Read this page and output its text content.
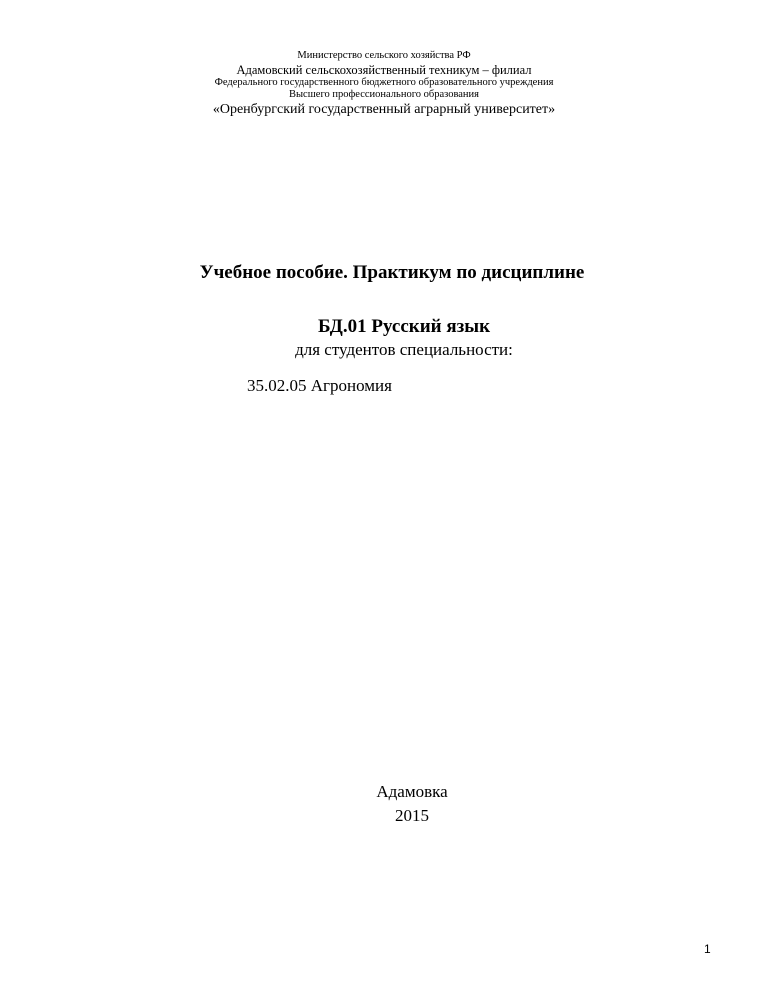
Министерство сельского хозяйства РФ
Адамовский сельскохозяйственный техникум – филиал
Федерального государственного бюджетного образовательного учреждения
Высшего профессионального образования
«Оренбургский государственный аграрный университет»
Учебное пособие. Практикум по дисциплине
БД.01 Русский язык
для студентов специальности:
35.02.05 Агрономия
Адамовка
2015
1
